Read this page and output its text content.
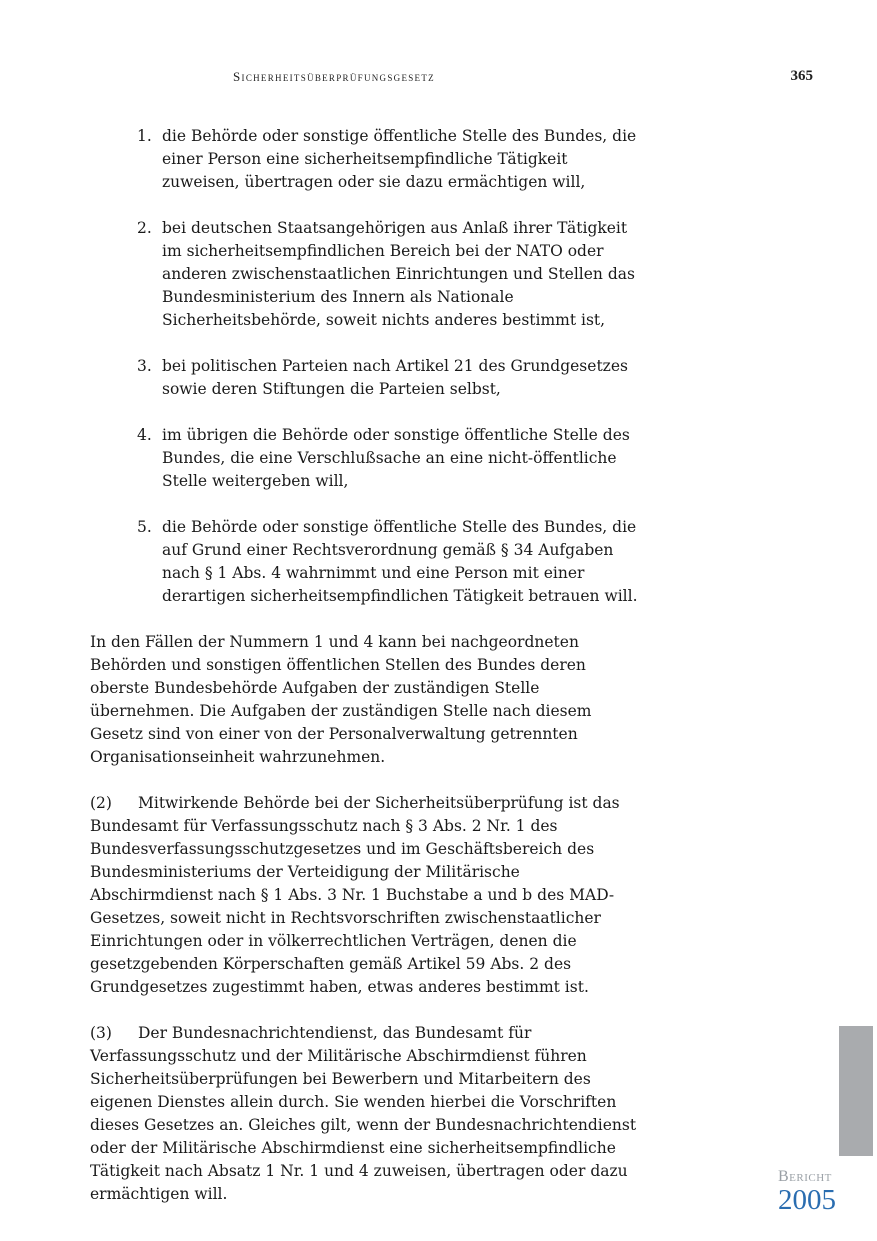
Sicherheitsüberprüfungsgesetz	365
1. die Behörde oder sonstige öffentliche Stelle des Bundes, die einer Person eine sicherheitsempfindliche Tätigkeit zuweisen, übertragen oder sie dazu ermächtigen will,
2. bei deutschen Staatsangehörigen aus Anlaß ihrer Tätigkeit im sicherheitsempfindlichen Bereich bei der NATO oder anderen zwischenstaatlichen Einrichtungen und Stellen das Bundesministerium des Innern als Nationale Sicherheitsbehörde, soweit nichts anderes bestimmt ist,
3. bei politischen Parteien nach Artikel 21 des Grundgesetzes sowie deren Stiftungen die Parteien selbst,
4. im übrigen die Behörde oder sonstige öffentliche Stelle des Bundes, die eine Verschlußsache an eine nicht-öffentliche Stelle weitergeben will,
5. die Behörde oder sonstige öffentliche Stelle des Bundes, die auf Grund einer Rechtsverordnung gemäß § 34 Aufgaben nach § 1 Abs. 4 wahrnimmt und eine Person mit einer derartigen sicherheitsempfindlichen Tätigkeit betrauen will.

In den Fällen der Nummern 1 und 4 kann bei nachgeordneten Behörden und sonstigen öffentlichen Stellen des Bundes deren oberste Bundesbehörde Aufgaben der zuständigen Stelle übernehmen. Die Aufgaben der zuständigen Stelle nach diesem Gesetz sind von einer von der Personalverwaltung getrennten Organisationseinheit wahrzunehmen.

(2) Mitwirkende Behörde bei der Sicherheitsüberprüfung ist das Bundesamt für Verfassungsschutz nach § 3 Abs. 2 Nr. 1 des Bundesverfassungsschutzgesetzes und im Geschäftsbereich des Bundesministeriums der Verteidigung der Militärische Abschirmdienst nach § 1 Abs. 3 Nr. 1 Buchstabe a und b des MAD-Gesetzes, soweit nicht in Rechtsvorschriften zwischenstaatlicher Einrichtungen oder in völkerrechtlichen Verträgen, denen die gesetzgebenden Körperschaften gemäß Artikel 59 Abs. 2 des Grundgesetzes zugestimmt haben, etwas anderes bestimmt ist.

(3) Der Bundesnachrichtendienst, das Bundesamt für Verfassungsschutz und der Militärische Abschirmdienst führen Sicherheitsüberprüfungen bei Bewerbern und Mitarbeitern des eigenen Dienstes allein durch. Sie wenden hierbei die Vorschriften dieses Gesetzes an. Gleiches gilt, wenn der Bundesnachrichtendienst oder der Militärische Abschirmdienst eine sicherheitsempfindliche Tätigkeit nach Absatz 1 Nr. 1 und 4 zuweisen, übertragen oder dazu ermächtigen will.

Bericht
2005
